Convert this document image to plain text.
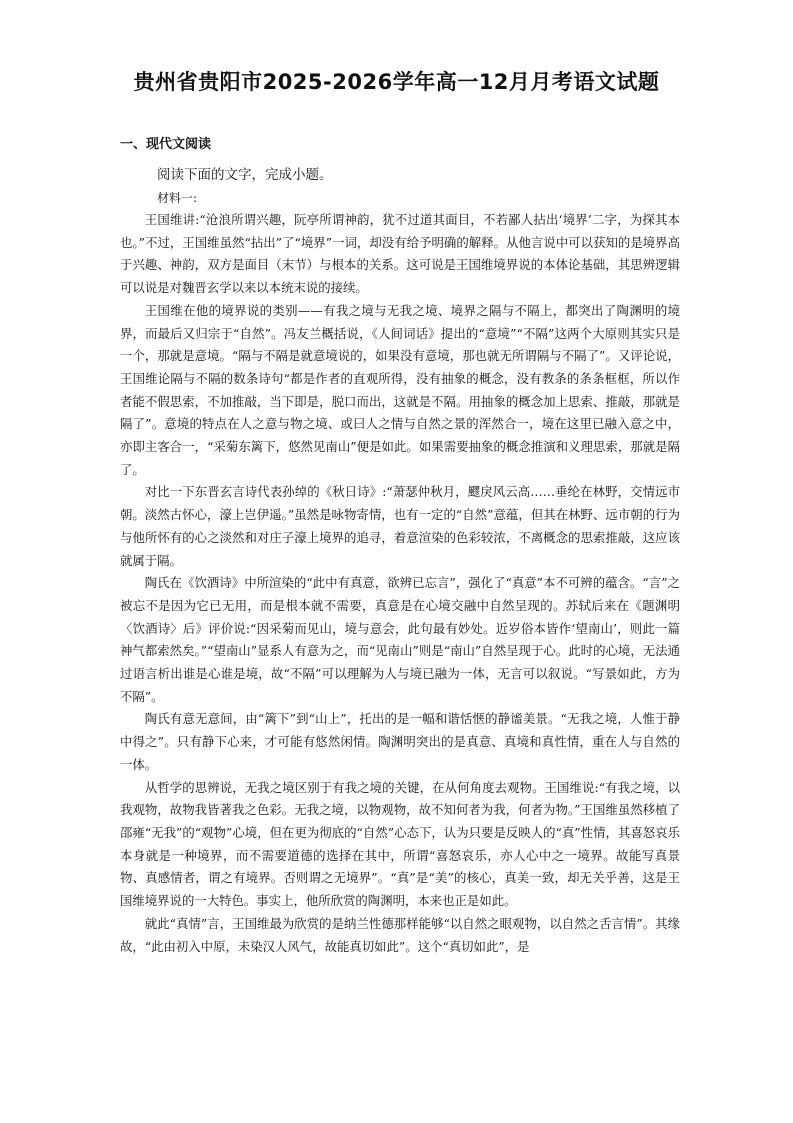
贵州省贵阳市2025-2026学年高一12月月考语文试题
一、现代文阅读
阅读下面的文字，完成小题。
材料一:

王国维讲:“沧浪所谓兴趣，阮亭所谓神韵，犹不过道其面目，不若鄙人拈出‘境界’二字，为探其本也。”不过，王国维虽然“拈出”了“境界”一词，却没有给予明确的解释。从他言说中可以获知的是境界高于兴趣、神韵，双方是面目（末节）与根本的关系。这可说是王国维境界说的本体论基础，其思辨逻辑可以说是对魏晋玄学以来以本统末说的接续。

王国维在他的境界说的类别——有我之境与无我之境、境界之隔与不隔上，都突出了陶渊明的境界，而最后又归宗于“自然”。冯友兰概括说，《人间词话》提出的“意境”“不隔”这两个大原则其实只是一个，那就是意境。“隔与不隔是就意境说的，如果没有意境，那也就无所谓隔与不隔了”。又评论说，王国维论隔与不隔的数条诗句“都是作者的直观所得，没有抽象的概念，没有教条的条条框框，所以作者能不假思索，不加推敲，当下即是，脱口而出，这就是不隔。用抽象的概念加上思索、推敲，那就是隔了”。意境的特点在人之意与物之境、或曰人之情与自然之景的浑然合一，境在这里已融入意之中，亦即主客合一，“采菊东篱下，悠然见南山”便是如此。如果需要抽象的概念推演和义理思索，那就是隔了。

对比一下东晋玄言诗代表孙绰的《秋日诗》:“萧瑟仲秋月，飂戾风云高……垂纶在林野，交情远市朝。淡然古怀心，濠上岂伊遥。”虽然是咏物寄情，也有一定的“自然”意蕴，但其在林野、远市朝的行为与他所怀有的心之淡然和对庄子濠上境界的追寻，着意渲染的色彩较浓，不离概念的思索推敲，这应该就属于隔。

陶氏在《饮酒诗》中所渲染的“此中有真意，欲辨已忘言”，强化了“真意”本不可辨的蕴含。“言”之被忘不是因为它已无用，而是根本就不需要，真意是在心境交融中自然呈现的。苏轼后来在《题渊明〈饮酒诗〉后》评价说:“因采菊而见山，境与意会，此句最有妙处。近岁俗本皆作‘望南山’，则此一篇神气都索然矣。”“望南山”显系人有意为之，而“见南山”则是“南山”自然呈现于心。此时的心境，无法通过语言析出谁是心谁是境，故“不隔”可以理解为人与境已融为一体，无言可以叙说。“写景如此，方为不隔”。

陶氏有意无意间，由“篱下”到“山上”，托出的是一幅和谐恬惬的静谧美景。“无我之境，人惟于静中得之”。只有静下心来，才可能有悠然闲情。陶渊明突出的是真意、真境和真性情，重在人与自然的一体。

从哲学的思辨说，无我之境区别于有我之境的关键，在从何角度去观物。王国维说:“有我之境，以我观物，故物我皆著我之色彩。无我之境，以物观物，故不知何者为我，何者为物。”王国维虽然移植了邵雍“无我”的“观物”心境，但在更为彻底的“自然”心态下，认为只要是反映人的“真”性情，其喜怒哀乐本身就是一种境界，而不需要道德的选择在其中，所谓“喜怒哀乐，亦人心中之一境界。故能写真景物、真感情者，谓之有境界。否则谓之无境界”。“真”是“美”的核心，真美一致，却无关乎善，这是王国维境界说的一大特色。事实上，他所欣赏的陶渊明，本来也正是如此。

就此“真情”言，王国维最为欣赏的是纳兰性德那样能够“以自然之眼观物，以自然之舌言情”。其缘故，“此由初入中原，未染汉人风气，故能真切如此”。这个“真切如此”，是
